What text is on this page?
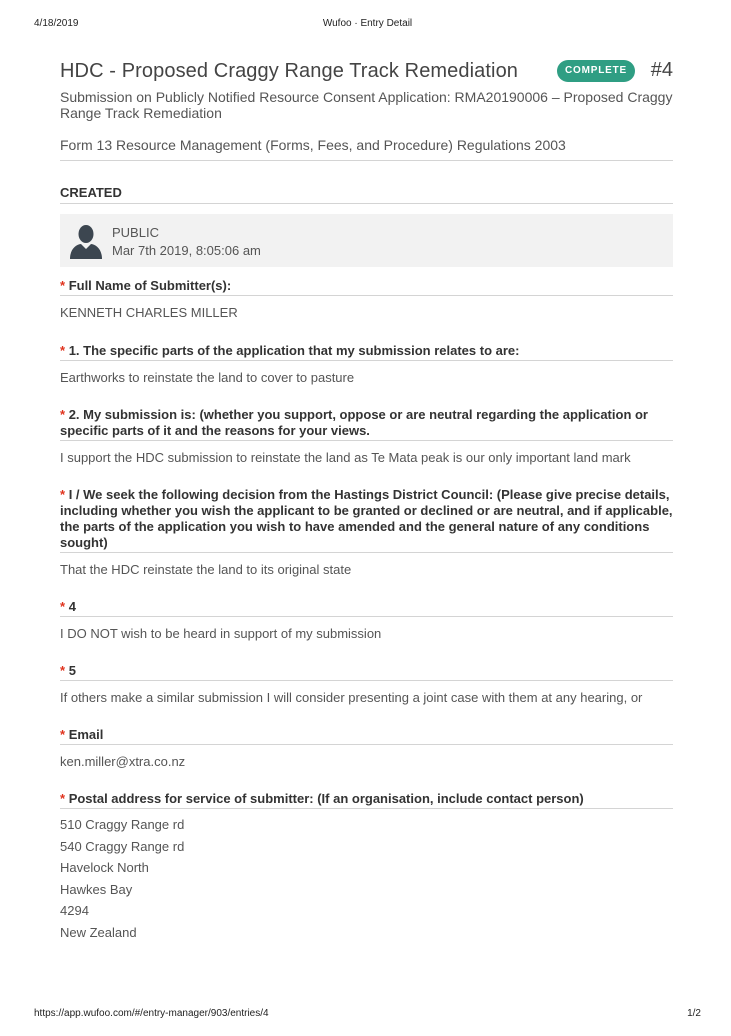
4/18/2019	Wufoo · Entry Detail
HDC - Proposed Craggy Range Track Remediation	COMPLETE	#4
Submission on Publicly Notified Resource Consent Application: RMA20190006 – Proposed Craggy Range Track Remediation
Form 13 Resource Management (Forms, Fees, and Procedure) Regulations 2003
CREATED
PUBLIC
Mar 7th 2019, 8:05:06 am
* Full Name of Submitter(s):
KENNETH CHARLES MILLER
* 1. The specific parts of the application that my submission relates to are:
Earthworks to reinstate the land to cover to pasture
* 2. My submission is: (whether you support, oppose or are neutral regarding the application or specific parts of it and the reasons for your views.
I support the HDC submission to reinstate the land as Te Mata peak is our only important land mark
* I / We seek the following decision from the Hastings District Council: (Please give precise details, including whether you wish the applicant to be granted or declined or are neutral, and if applicable, the parts of the application you wish to have amended and the general nature of any conditions sought)
That the HDC reinstate the land to its original state
* 4
I DO NOT wish to be heard in support of my submission
* 5
If others make a similar submission I will consider presenting a joint case with them at any hearing, or
* Email
ken.miller@xtra.co.nz
* Postal address for service of submitter: (If an organisation, include contact person)
510 Craggy Range rd
540 Craggy Range rd
Havelock North
Hawkes Bay
4294
New Zealand
https://app.wufoo.com/#/entry-manager/903/entries/4	1/2
